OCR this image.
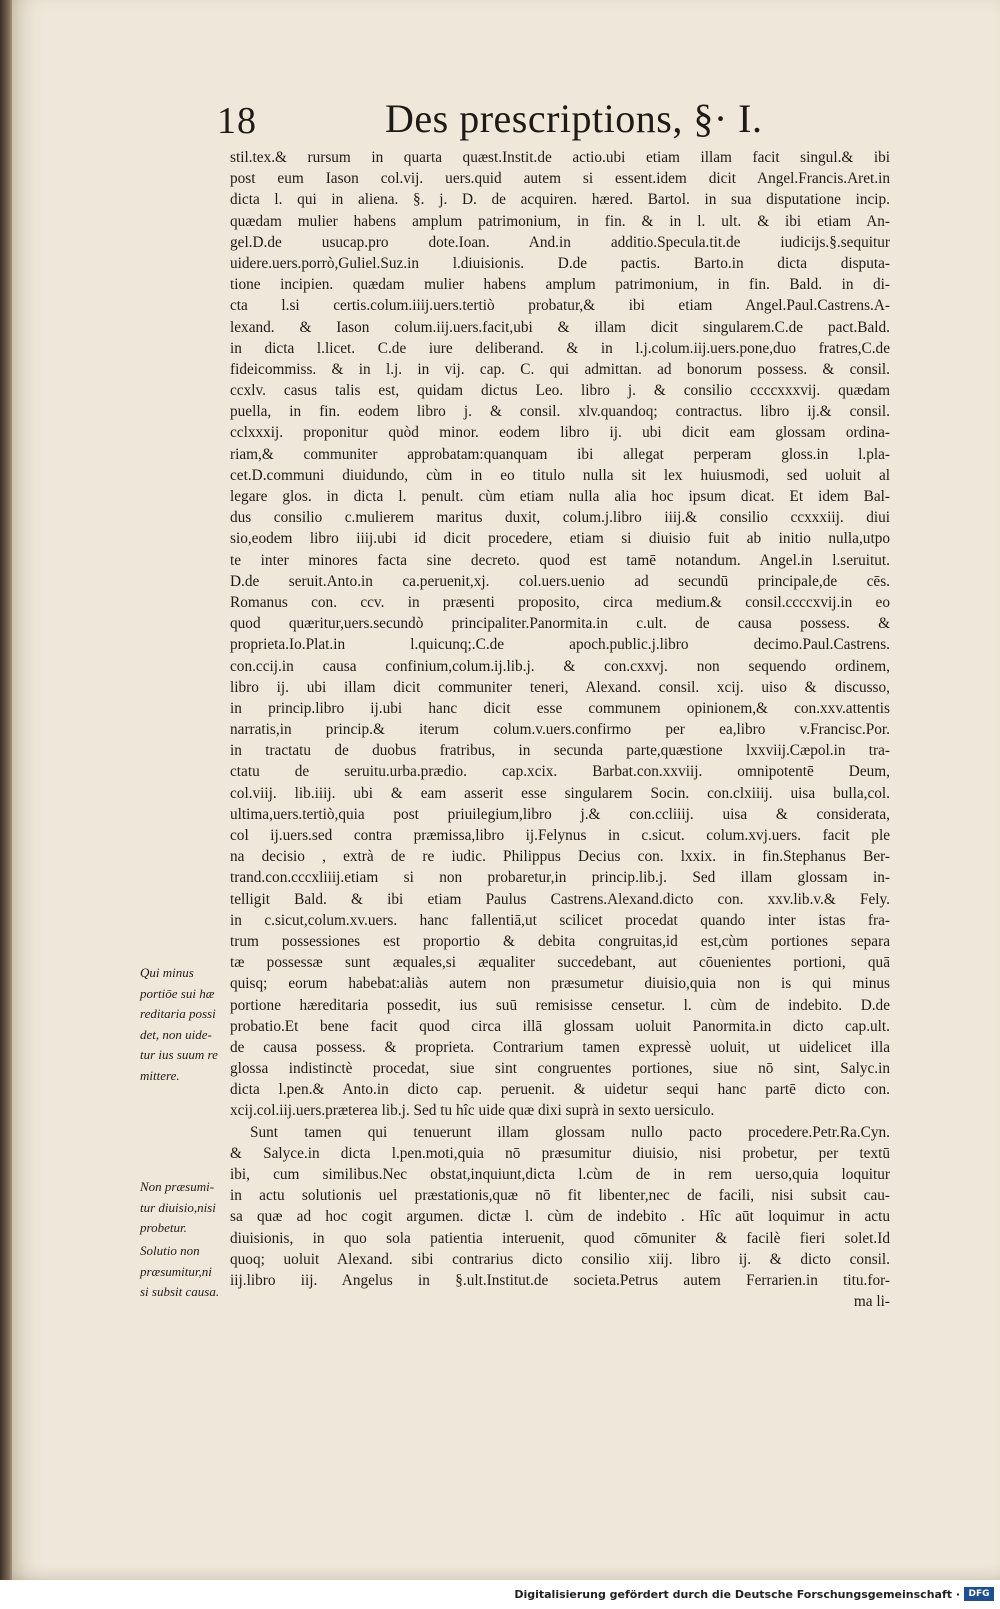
18	Des prescriptions, §· I.
stil.tex.& rursum in quarta quæst.Instit.de actio.ubi etiam illam facit singul.& ibi
post eum Iason col.vij. uers.quid autem si essent.idem dicit Angel.Francis.Aret.in
dicta l. qui in aliena. §. j. D. de acquiren. hæred. Bartol. in sua disputatione incip.
quædam mulier habens amplum patrimonium, in fin. & in l. ult. & ibi etiam An-
gel.D.de usucap.pro dote.Ioan. And.in additio.Specula.tit.de iudicijs.§.sequitur
uidere.uers.porrò,Guliel.Suz.in l.diuisionis. D.de pactis. Barto.in dicta disputa-
tione incipien. quædam mulier habens amplum patrimonium, in fin. Bald. in di-
cta l.si certis.colum.iiij.uers.tertiò probatur,& ibi etiam Angel.Paul.Castrens.A-
lexand. & Iason colum.iij.uers.facit,ubi & illam dicit singularem.C.de pact.Bald.
in dicta l.licet. C.de iure deliberand. & in l.j.colum.iij.uers.pone,duo fratres,C.de
fideicommiss. & in l.j. in vij. cap. C. qui admittan. ad bonorum possess. & consil.
ccxlv. casus talis est, quidam dictus Leo. libro j. & consilio ccccxxxvij. quædam
puella, in fin. eodem libro j. & consil. xlv.quandoq; contractus. libro ij.& consil.
cclxxxij. proponitur quòd minor. eodem libro ij. ubi dicit eam glossam ordina-
riam,& communiter approbatam:quanquam ibi allegat perperam gloss.in l.pla-
cet.D.communi diuidundo, cùm in eo titulo nulla sit lex huiusmodi, sed uoluit al
legare glos. in dicta l. penult. cùm etiam nulla alia hoc ipsum dicat. Et idem Bal-
dus consilio c.mulierem maritus duxit, colum.j.libro iiij.& consilio ccxxxiij. diui
sio,eodem libro iiij.ubi id dicit procedere, etiam si diuisio fuit ab initio nulla,utpo
te inter minores facta sine decreto. quod est tamē notandum. Angel.in l.seruitut.
D.de seruit.Anto.in ca.peruenit,xj. col.uers.uenio ad secundū principale,de cēs.
Romanus con. ccv. in præsenti proposito, circa medium.& consil.ccccxvij.in eo
quod quæritur,uers.secundò principaliter.Panormita.in c.ult. de causa possess. &
proprieta.Io.Plat.in l.quicunq;.C.de apoch.public.j.libro decimo.Paul.Castrens.
con.ccij.in causa confinium,colum.ij.lib.j. & con.cxxvj. non sequendo ordinem,
libro ij. ubi illam dicit communiter teneri, Alexand. consil. xcij. uiso & discusso,
in princip.libro ij.ubi hanc dicit esse communem opinionem,& con.xxv.attentis
narratis,in princip.& iterum colum.v.uers.confirmo per ea,libro v.Francisc.Por.
in tractatu de duobus fratribus, in secunda parte,quæstione lxxviij.Cæpol.in tra-
ctatu de seruitu.urba.prædio. cap.xcix. Barbat.con.xxviij. omnipotentē Deum,
col.viij. lib.iiij. ubi & eam asserit esse singularem Socin. con.clxiiij. uisa bulla,col.
ultima,uers.tertiò,quia post priuilegium,libro j.& con.ccliiij. uisa & considerata,
col ij.uers.sed contra præmissa,libro ij.Felynus in c.sicut. colum.xvj.uers. facit ple
na decisio , extrà de re iudic. Philippus Decius con. lxxix. in fin.Stephanus Ber-
trand.con.cccxliiij.etiam si non probaretur,in princip.lib.j. Sed illam glossam in-
telligit Bald. & ibi etiam Paulus Castrens.Alexand.dicto con. xxv.lib.v.& Fely.
in c.sicut,colum.xv.uers. hanc fallentiā,ut scilicet procedat quando inter istas fra-
trum possessiones est proportio & debita congruitas,id est,cùm portiones separa
tæ possessæ sunt æquales,si æqualiter succedebant, aut cōuenientes portioni, quā
quisq; eorum habebat:aliàs autem non præsumetur diuisio,quia non is qui minus
portione hæreditaria possedit, ius suū remisisse censetur. l. cùm de indebito. D.de
probatio.Et bene facit quod circa illā glossam uoluit Panormita.in dicto cap.ult.
de causa possess. & proprieta. Contrarium tamen expressè uoluit, ut uidelicet illa
glossa indistinctè procedat, siue sint congruentes portiones, siue nō sint, Salyc.in
dicta l.pen.& Anto.in dicto cap. peruenit. & uidetur sequi hanc partē dicto con.
xcij.col.iij.uers.præterea lib.j. Sed tu hîc uide quæ dixi suprà in sexto uersiculo.
Sunt tamen qui tenuerunt illam glossam nullo pacto procedere.Petr.Ra.Cyn.
& Salyce.in dicta l.pen.moti,quia nō præsumitur diuisio, nisi probetur, per textū
ibi, cum similibus.Nec obstat,inquiunt,dicta l.cùm de in rem uerso,quia loquitur
in actu solutionis uel præstationis,quæ nō fit libenter,nec de facili, nisi subsit cau-
sa quæ ad hoc cogit argumen. dictæ l. cùm de indebito . Hîc aūt loquimur in actu
diuisionis, in quo sola patientia interuenit, quod cōmuniter & facilè fieri solet.Id
quoq; uoluit Alexand. sibi contrarius dicto consilio xiij. libro ij. & dicto consil.
iij.libro iij. Angelus in §.ult.Institut.de societa.Petrus autem Ferrarien.in titu.for-
ma li-
Qui minus
portiōe sui hæ
reditaria possi
det, non uide-
tur ius suum re
mittere.
Non præsumi-
tur diuisio,nisi
probetur.
Solutio non
præsumitur,ni
si subsit causa.
Digitalisierung gefördert durch die Deutsche Forschungsgemeinschaft · DFG
